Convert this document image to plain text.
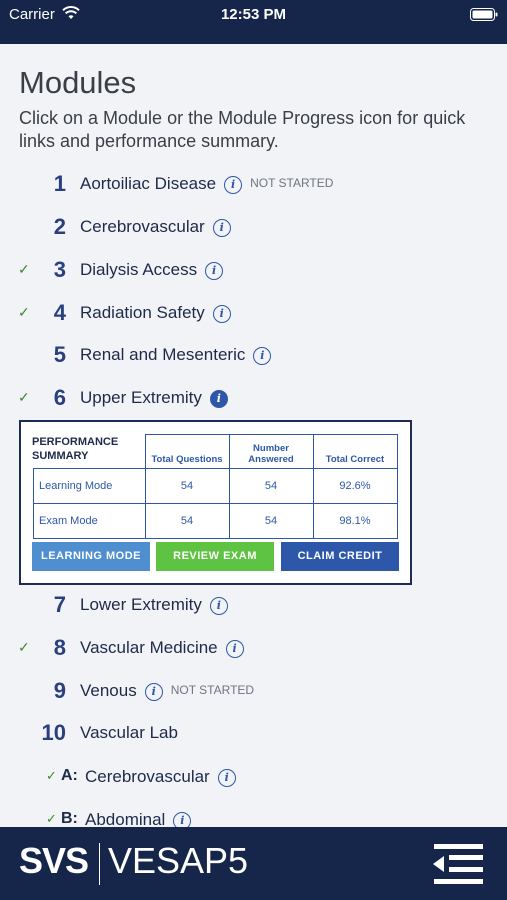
Carrier	12:53 PM
Modules
Click on a Module or the Module Progress icon for quick links and performance summary.
1 Aortoiliac Disease i NOT STARTED
2 Cerebrovascular i
✓ 3 Dialysis Access i
✓ 4 Radiation Safety i
5 Renal and Mesenteric i
✓ 6 Upper Extremity i
	Total Questions	Number Answered	Total Correct
Learning Mode	54	54	92.6%
Exam Mode	54	54	98.1%
PERFORMANCE
SUMMARY
LEARNING MODE	REVIEW EXAM	CLAIM CREDIT
7 Lower Extremity i
✓ 8 Vascular Medicine i
9 Venous i NOT STARTED
10 Vascular Lab
✓ A: Cerebrovascular i
✓ B: Abdominal i
SVS VESAP5
